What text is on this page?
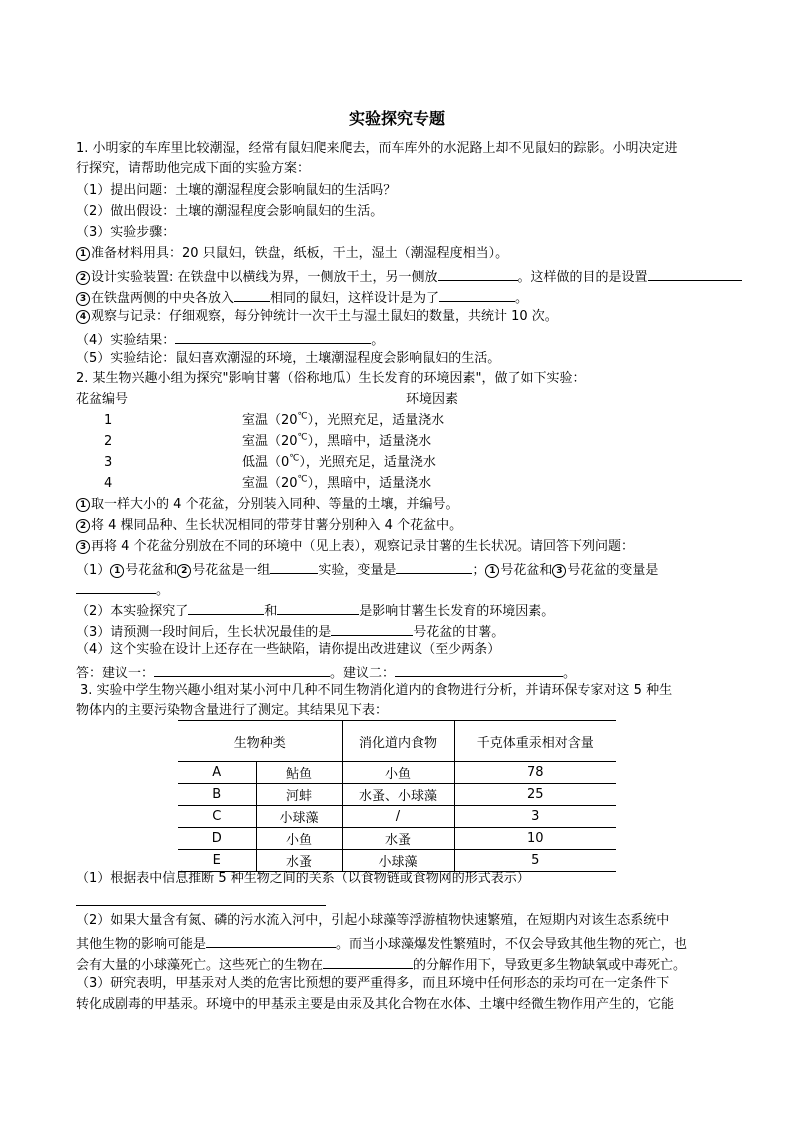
实验探究专题
1. 小明家的车库里比较潮湿，经常有鼠妇爬来爬去，而车库外的水泥路上却不见鼠妇的踪影。小明决定进
行探究，请帮助他完成下面的实验方案：
（1）提出问题：土壤的潮湿程度会影响鼠妇的生活吗？
（2）做出假设：土壤的潮湿程度会影响鼠妇的生活。
（3）实验步骤：
1 准备材料用具：20 只鼠妇，铁盘，纸板，干土，湿土（潮湿程度相当）。
2 设计实验装置: 在铁盘中以横线为界，一侧放干土，另一侧放	。这样做的目的是设置
3 在铁盘两侧的中央各放入	相同的鼠妇，这样设计是为了	。
4 观察与记录：仔细观察，每分钟统计一次干土与湿土鼠妇的数量，共统计 10 次。
（4）实验结果：	。
（5）实验结论：鼠妇喜欢潮湿的环境，土壤潮湿程度会影响鼠妇的生活。
2. 某生物兴趣小组为探究"影响甘薯（俗称地瓜）生长发育的环境因素"，做了如下实验：
花盆编号	环境因素
1	室温（20℃），光照充足，适量浇水
2	室温（20℃），黑暗中，适量浇水
3	低温（0℃），光照充足，适量浇水
4	室温（20℃），黑暗中，适量浇水
1 取一样大小的 4 个花盆，分别装入同种、等量的土壤，并编号。
2 将 4 棵同品种、生长状况相同的带芽甘薯分别种入 4 个花盆中。
3 再将 4 个花盆分别放在不同的环境中（见上表），观察记录甘薯的生长状况。请回答下列问题：
（1） 1 号花盆和 2 号花盆是一组	实验，变量是	； 1 号花盆和 3 号花盆的变量是
。
（2）本实验探究了	和	是影响甘薯生长发育的环境因素。
（3）请预测一段时间后，生长状况最佳的是	号花盆的甘薯。
（4）这个实验在设计上还存在一些缺陷，请你提出改进建议（至少两条）
答：建议一：	。建议二：	。
3. 实验中学生物兴趣小组对某小河中几种不同生物消化道内的食物进行分析，并请环保专家对这 5 种生
物体内的主要污染物含量进行了测定。其结果见下表：
生物种类		消化道内食物	千克体重汞相对含量
A	鲇鱼	小鱼	78
B	河蚌	水蚤、小球藻	25
C	小球藻	/	3
D	小鱼	水蚤	10
E	水蚤	小球藻	5
（1）根据表中信息推断 5 种生物之间的关系（以食物链或食物网的形式表示）
（2）如果大量含有氮、磷的污水流入河中，引起小球藻等浮游植物快速繁殖，在短期内对该生态系统中
其他生物的影响可能是	。而当小球藻爆发性繁殖时，不仅会导致其他生物的死亡，也
会有大量的小球藻死亡。这些死亡的生物在	的分解作用下，导致更多生物缺氧或中毒死亡。
（3）研究表明，甲基汞对人类的危害比预想的要严重得多，而且环境中任何形态的汞均可在一定条件下
转化成剧毒的甲基汞。环境中的甲基汞主要是由汞及其化合物在水体、土壤中经微生物作用产生的，它能
